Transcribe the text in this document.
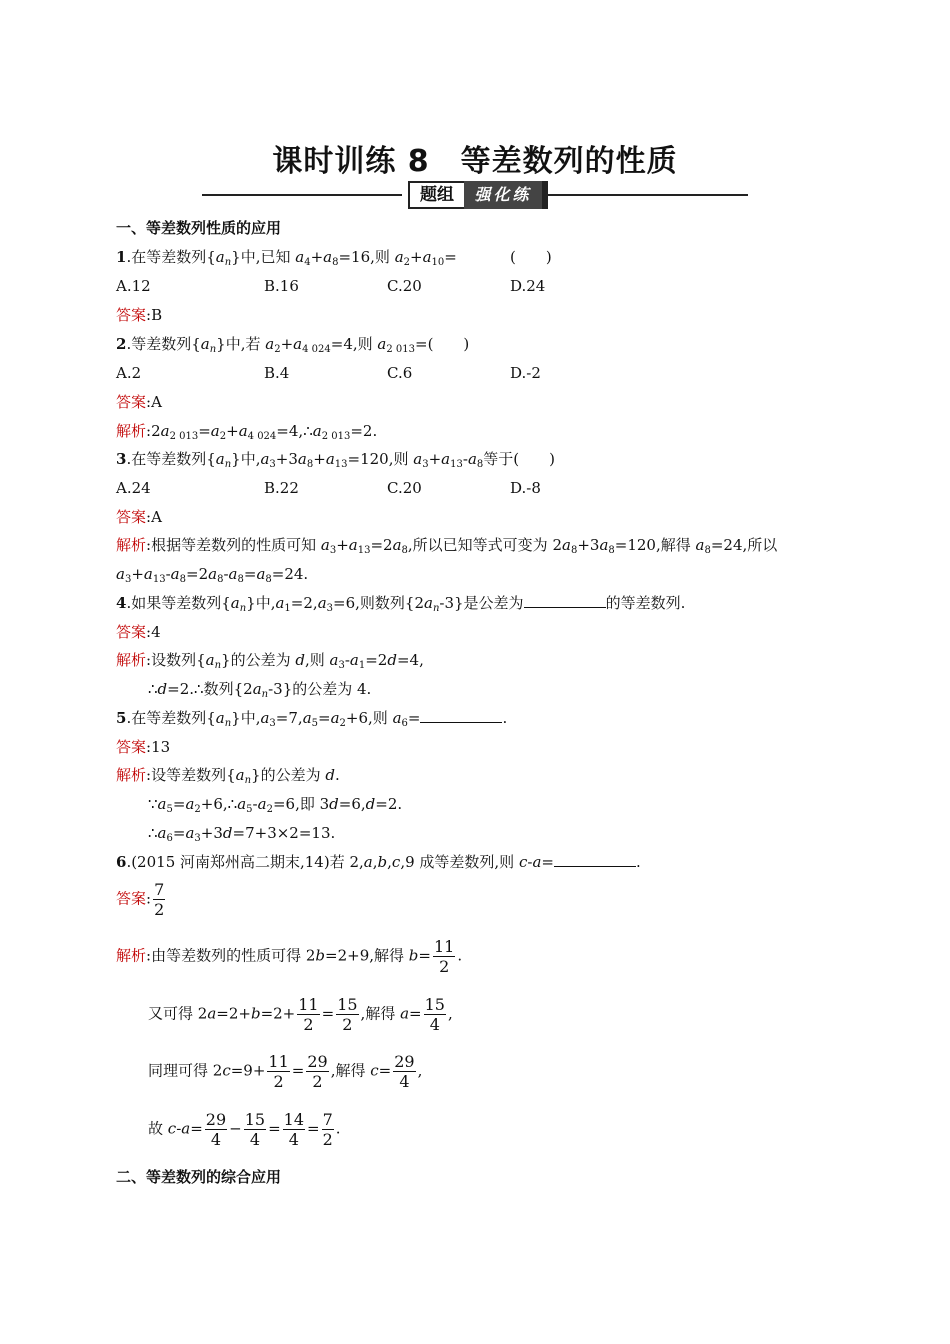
课时训练 8　等差数列的性质
题组	强化练
一、等差数列性质的应用
1.在等差数列$\{a_n\}$中,已知 $a_4+a_8=16$,则 $a_2+a_{10}=$	(　　)
A.12	B.16	C.20	D.24
答案:B
2.等差数列$\{a_n\}$中,若 $a_2+a_{4 024}=4$,则 $a_{2 013}=$(　　)
A.2	B.4	C.6	D.-2
答案:A
解析$:2a_{2 013}=a_2+a_{4 024}=4,\therefore a_{2 013}=2$.
3.在等差数列$\{a_n\}$中$,a_3+3a_8+a_{13}=120$,则 $a_3+a_{13}-a_8$等于(　　)
A.24	B.22	C.20	D.-8
答案:A
解析:根据等差数列的性质可知 $a_3+a_{13}=2a_8$,所以已知等式可变为 $2a_8+3a_8=120$,解得 $a_8=24$,所以
$a_3+a_{13}-a_8=2a_8-a_8=a_8=24$.
4.如果等差数列$\{a_n\}$中$,a_1=2,a_3=6$,则数列$\{2a_n-3\}$是公差为	的等差数列.
答案:4
解析:设数列$\{a_n\}$的公差为 d,则 $a_3-a_1=2d=4$,
∴d=2.∴数列$\{2a_n-3\}$的公差为 4.
5.在等差数列$\{a_n\}$中$,a_3=7,a_5=a_2+6$,则 $a_6=$	.
答案:13
解析:设等差数列$\{a_n\}$的公差为 d.
$\because a_5=a_2+6,\therefore a_5-a_2=6$,即 3d=6,d=2.
$\therefore a_6=a_3+3d=7+3\times 2=13$.
6.(2015 河南郑州高二期末,14)若 2,a,b,c,9 成等差数列,则 c-a=	.
答案: $\frac{7}{2}$
解析:由等差数列的性质可得 2b=2+9,解得 $b= \frac{11}{2}$ .
又可得 $2a=2+b=2+ \frac{11}{2} = \frac{15}{2}$ ,解得 $a= \frac{15}{4}$ ,
同理可得 $2c=9+ \frac{11}{2} = \frac{29}{2}$ ,解得 $c= \frac{29}{4}$ ,
故 $c-a= \frac{29}{4} - \frac{15}{4} = \frac{14}{4} = \frac{7}{2}$ .
二、等差数列的综合应用
